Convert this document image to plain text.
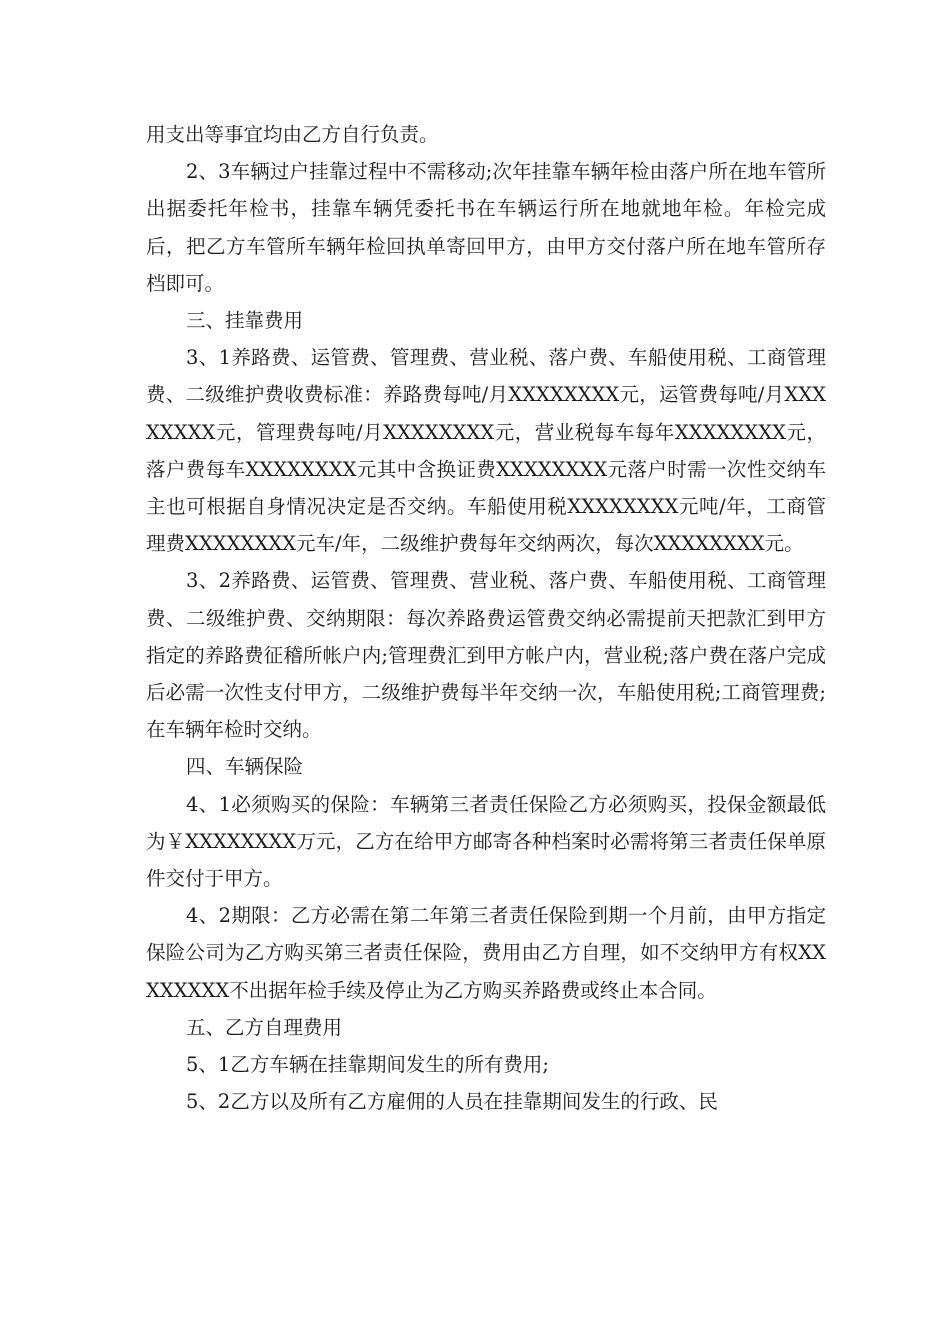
用支出等事宜均由乙方自行负责。

2、3车辆过户挂靠过程中不需移动;次年挂靠车辆年检由落户所在地车管所出据委托年检书，挂靠车辆凭委托书在车辆运行所在地就地年检。年检完成后，把乙方车管所车辆年检回执单寄回甲方，由甲方交付落户所在地车管所存档即可。

三、挂靠费用

3、1养路费、运管费、管理费、营业税、落户费、车船使用税、工商管理费、二级维护费收费标准：养路费每吨/月XXXXXXXX元，运管费每吨/月XXXXXXXX元，管理费每吨/月XXXXXXXX元，营业税每车每年XXXXXXXX元，落户费每车XXXXXXXX元其中含换证费XXXXXXXX元落户时需一次性交纳车主也可根据自身情况决定是否交纳。车船使用税XXXXXXXX元吨/年，工商管理费XXXXXXXX元车/年，二级维护费每年交纳两次，每次XXXXXXXX元。

3、2养路费、运管费、管理费、营业税、落户费、车船使用税、工商管理费、二级维护费、交纳期限：每次养路费运管费交纳必需提前天把款汇到甲方指定的养路费征稽所帐户内;管理费汇到甲方帐户内，营业税;落户费在落户完成后必需一次性支付甲方，二级维护费每半年交纳一次，车船使用税;工商管理费;在车辆年检时交纳。

四、车辆保险

4、1必须购买的保险：车辆第三者责任保险乙方必须购买，投保金额最低为￥XXXXXXXX万元，乙方在给甲方邮寄各种档案时必需将第三者责任保单原件交付于甲方。

4、2期限：乙方必需在第二年第三者责任保险到期一个月前，由甲方指定保险公司为乙方购买第三者责任保险，费用由乙方自理，如不交纳甲方有权XXXXXXXX不出据年检手续及停止为乙方购买养路费或终止本合同。

五、乙方自理费用

5、1乙方车辆在挂靠期间发生的所有费用;

5、2乙方以及所有乙方雇佣的人员在挂靠期间发生的行政、民
